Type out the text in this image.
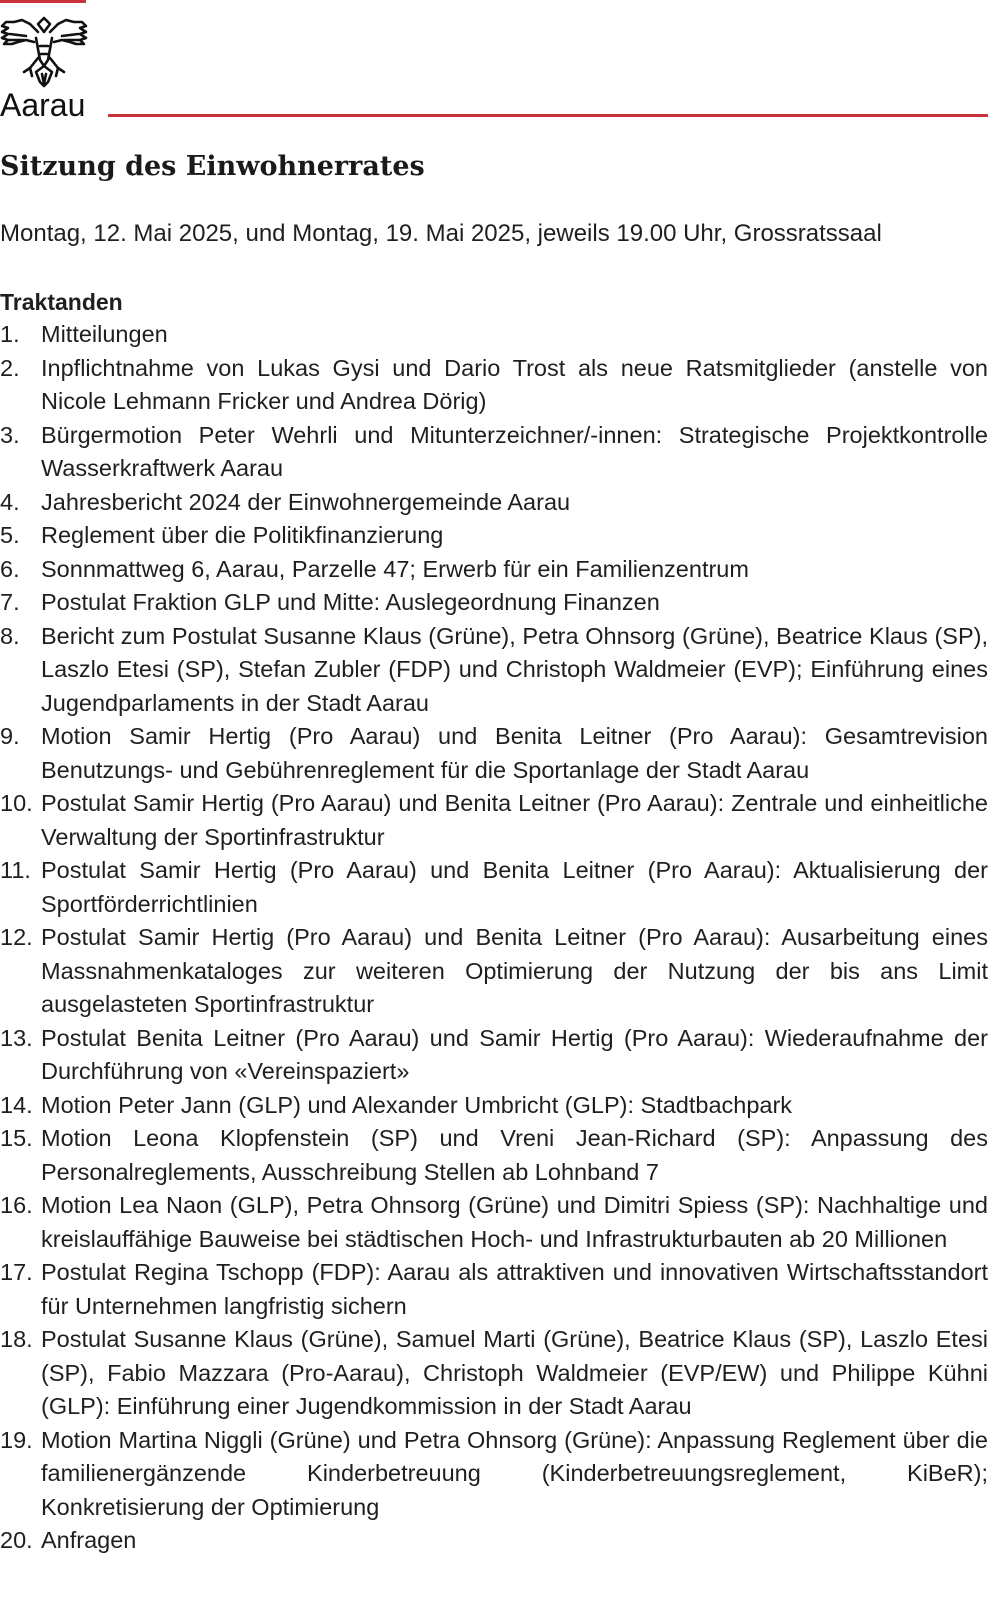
Aarau
Sitzung des Einwohnerrates

Montag, 12. Mai 2025, und Montag, 19. Mai 2025, jeweils 19.00 Uhr, Grossratssaal

Traktanden
1. Mitteilungen
2. Inpflichtnahme von Lukas Gysi und Dario Trost als neue Ratsmitglieder (anstelle von Nicole Lehmann Fricker und Andrea Dörig)
3. Bürgermotion Peter Wehrli und Mitunterzeichner/-innen: Strategische Projektkontrolle Wasserkraftwerk Aarau
4. Jahresbericht 2024 der Einwohnergemeinde Aarau
5. Reglement über die Politikfinanzierung
6. Sonnmattweg 6, Aarau, Parzelle 47; Erwerb für ein Familienzentrum
7. Postulat Fraktion GLP und Mitte: Auslegeordnung Finanzen
8. Bericht zum Postulat Susanne Klaus (Grüne), Petra Ohnsorg (Grüne), Beatrice Klaus (SP), Laszlo Etesi (SP), Stefan Zubler (FDP) und Christoph Waldmeier (EVP); Einführung eines Jugendparlaments in der Stadt Aarau
9. Motion Samir Hertig (Pro Aarau) und Benita Leitner (Pro Aarau): Gesamtrevision Benutzungs- und Gebührenreglement für die Sportanlage der Stadt Aarau
10. Postulat Samir Hertig (Pro Aarau) und Benita Leitner (Pro Aarau): Zentrale und einheitliche Verwaltung der Sportinfrastruktur
11. Postulat Samir Hertig (Pro Aarau) und Benita Leitner (Pro Aarau): Aktualisierung der Sportförderrichtlinien
12. Postulat Samir Hertig (Pro Aarau) und Benita Leitner (Pro Aarau): Ausarbeitung eines Massnahmenkataloges zur weiteren Optimierung der Nutzung der bis ans Limit ausgelasteten Sportinfrastruktur
13. Postulat Benita Leitner (Pro Aarau) und Samir Hertig (Pro Aarau): Wiederaufnahme der Durchführung von «Vereinspaziert»
14. Motion Peter Jann (GLP) und Alexander Umbricht (GLP): Stadtbachpark
15. Motion Leona Klopfenstein (SP) und Vreni Jean-Richard (SP): Anpassung des Personalreglements, Ausschreibung Stellen ab Lohnband 7
16. Motion Lea Naon (GLP), Petra Ohnsorg (Grüne) und Dimitri Spiess (SP): Nachhaltige und kreislauffähige Bauweise bei städtischen Hoch- und Infrastrukturbauten ab 20 Millionen
17. Postulat Regina Tschopp (FDP): Aarau als attraktiven und innovativen Wirtschaftsstandort für Unternehmen langfristig sichern
18. Postulat Susanne Klaus (Grüne), Samuel Marti (Grüne), Beatrice Klaus (SP), Laszlo Etesi (SP), Fabio Mazzara (Pro-Aarau), Christoph Waldmeier (EVP/EW) und Philippe Kühni (GLP): Einführung einer Jugendkommission in der Stadt Aarau
19. Motion Martina Niggli (Grüne) und Petra Ohnsorg (Grüne): Anpassung Reglement über die familienergänzende Kinderbetreuung (Kinderbetreuungsreglement, KiBeR); Konkretisierung der Optimierung
20. Anfragen
